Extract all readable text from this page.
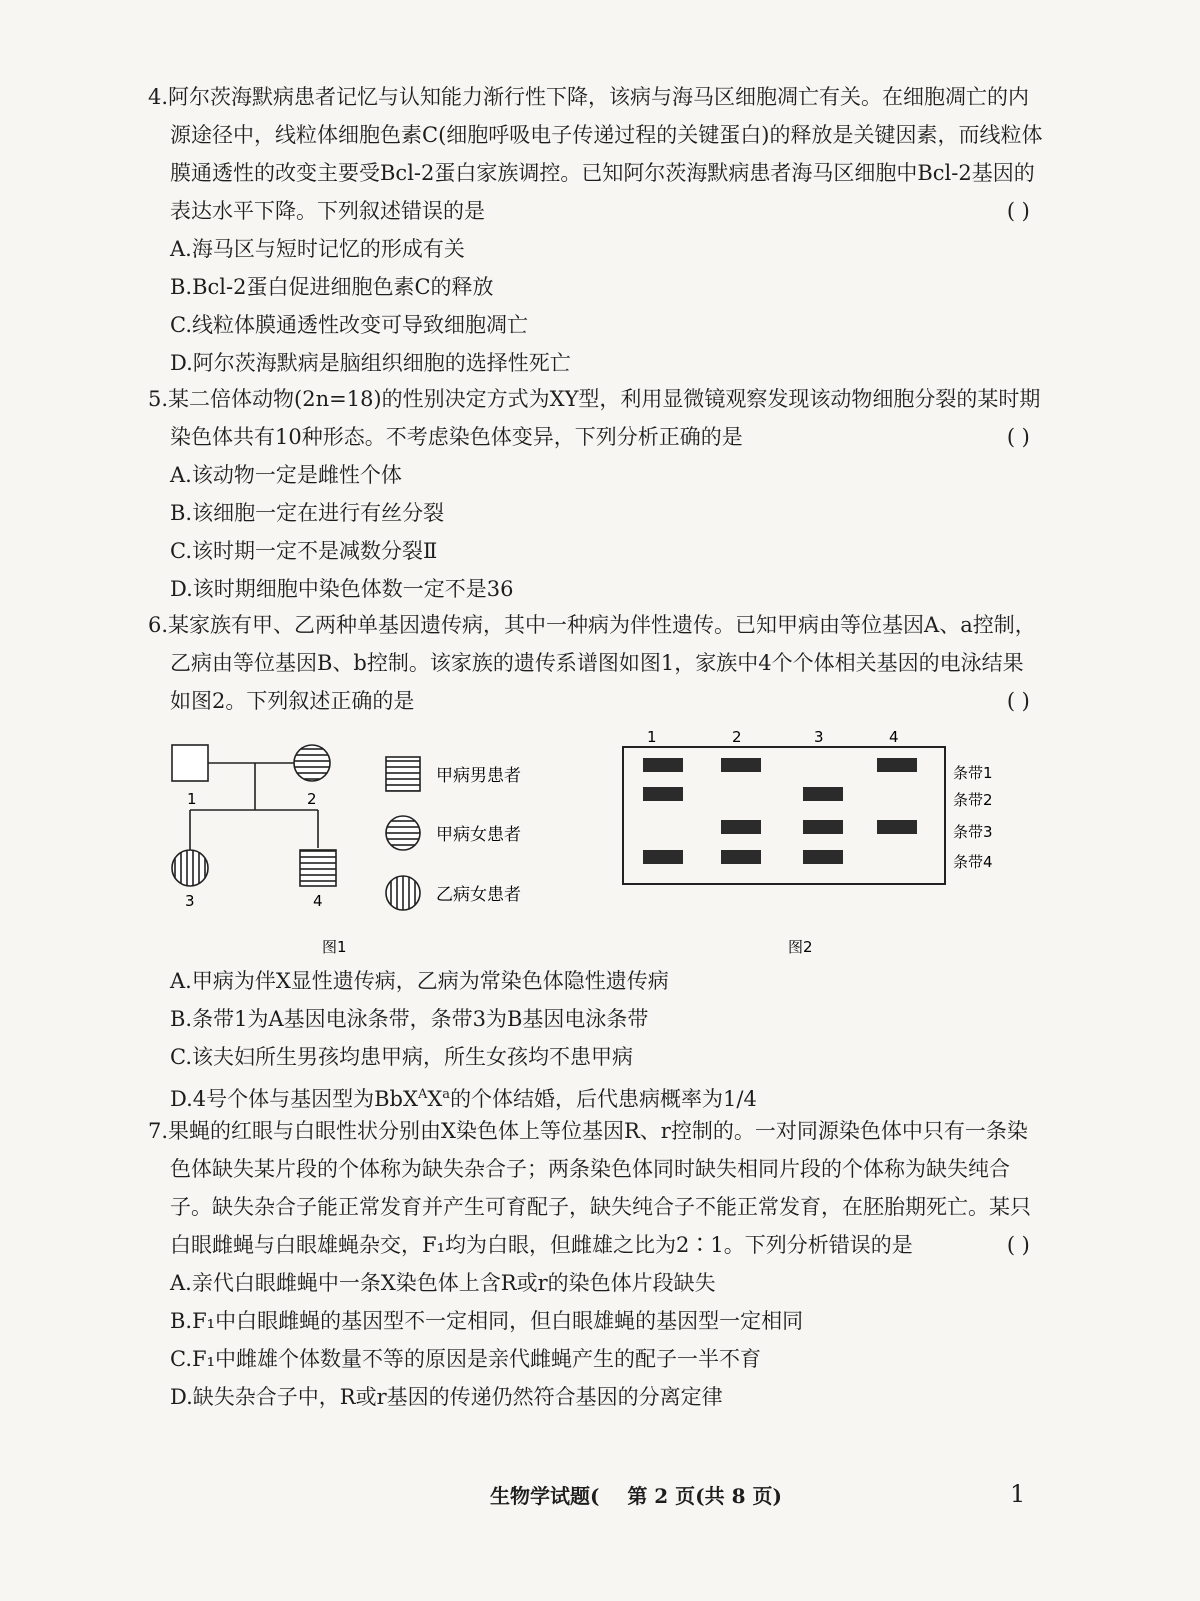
4.阿尔茨海默病患者记忆与认知能力渐行性下降，该病与海马区细胞凋亡有关。在细胞凋亡的内源途径中，线粒体细胞色素C(细胞呼吸电子传递过程的关键蛋白)的释放是关键因素，而线粒体膜通透性的改变主要受Bcl-2蛋白家族调控。已知阿尔茨海默病患者海马区细胞中Bcl-2基因的表达水平下降。下列叙述错误的是	( )
A.海马区与短时记忆的形成有关
B.Bcl-2蛋白促进细胞色素C的释放
C.线粒体膜通透性改变可导致细胞凋亡
D.阿尔茨海默病是脑组织细胞的选择性死亡
5.某二倍体动物(2n=18)的性别决定方式为XY型，利用显微镜观察发现该动物细胞分裂的某时期染色体共有10种形态。不考虑染色体变异，下列分析正确的是	( )
A.该动物一定是雌性个体
B.该细胞一定在进行有丝分裂
C.该时期一定不是减数分裂Ⅱ
D.该时期细胞中染色体数一定不是36
6.某家族有甲、乙两种单基因遗传病，其中一种病为伴性遗传。已知甲病由等位基因A、a控制，乙病由等位基因B、b控制。该家族的遗传系谱图如图1，家族中4个个体相关基因的电泳结果如图2。下列叙述正确的是	( )
1	2
3	4
甲病男患者
甲病女患者
乙病女患者
图1
1	2	3	4
条带1
条带2
条带3
条带4
图2
A.甲病为伴X显性遗传病，乙病为常染色体隐性遗传病
B.条带1为A基因电泳条带，条带3为B基因电泳条带
C.该夫妇所生男孩均患甲病，所生女孩均不患甲病
D.4号个体与基因型为$BbX^AX^a$的个体结婚，后代患病概率为1/4
7.果蝇的红眼与白眼性状分别由X染色体上等位基因R、r控制的。一对同源染色体中只有一条染色体缺失某片段的个体称为缺失杂合子；两条染色体同时缺失相同片段的个体称为缺失纯合子。缺失杂合子能正常发育并产生可育配子，缺失纯合子不能正常发育，在胚胎期死亡。某只白眼雌蝇与白眼雄蝇杂交，F₁均为白眼，但雌雄之比为2∶1。下列分析错误的是	( )
A.亲代白眼雌蝇中一条X染色体上含R或r的染色体片段缺失
B.F₁中白眼雌蝇的基因型不一定相同，但白眼雄蝇的基因型一定相同
C.F₁中雌雄个体数量不等的原因是亲代雌蝇产生的配子一半不育
D.缺失杂合子中，R或r基因的传递仍然符合基因的分离定律
生物学试题( 第 2 页(共 8 页)	1
